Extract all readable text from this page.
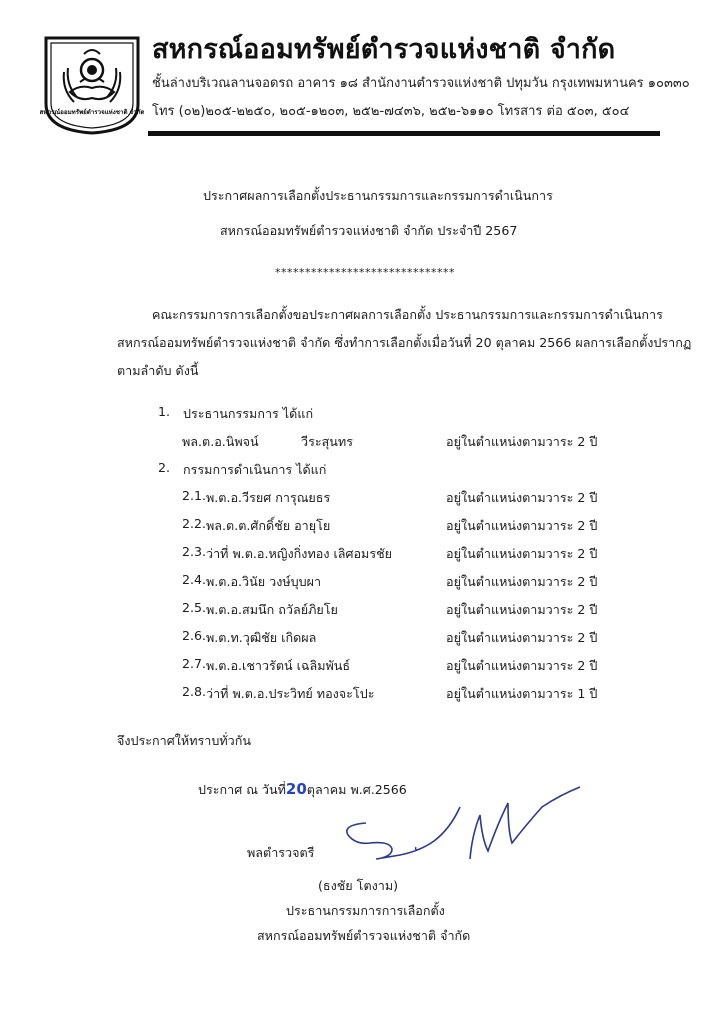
สหกรณ์ออมทรัพย์ตำรวจแห่งชาติ จำกัด
สหกรณ์ออมทรัพย์ตำรวจแห่งชาติ จำกัด
ชั้นล่างบริเวณลานจอดรถ อาคาร ๑๘ สำนักงานตำรวจแห่งชาติ ปทุมวัน กรุงเทพมหานคร ๑๐๓๓๐
โทร (๐๒)๒๐๕-๒๒๕๐, ๒๐๕-๑๒๐๓, ๒๕๒-๗๔๓๖, ๒๕๒-๖๑๑๐ โทรสาร ต่อ ๕๐๓, ๕๐๔
ประกาศผลการเลือกตั้งประธานกรรมการและกรรมการดำเนินการ
สหกรณ์ออมทรัพย์ตำรวจแห่งชาติ จำกัด ประจำปี 2567
******************************
คณะกรรมการการเลือกตั้งขอประกาศผลการเลือกตั้ง ประธานกรรมการและกรรมการดำเนินการ
สหกรณ์ออมทรัพย์ตำรวจแห่งชาติ จำกัด ซึ่งทำการเลือกตั้งเมื่อวันที่ 20 ตุลาคม 2566 ผลการเลือกตั้งปรากฏ
ตามลำดับ ดังนี้
1. ประธานกรรมการ ได้แก่
พล.ต.อ.นิพจน์	วีระสุนทร	อยู่ในตำแหน่งตามวาระ 2 ปี
2. กรรมการดำเนินการ ได้แก่
2.1. พ.ต.อ.วีรยศ การุณยธร	อยู่ในตำแหน่งตามวาระ 2 ปี
2.2. พล.ต.ต.ศักดิ์ชัย อายุโย	อยู่ในตำแหน่งตามวาระ 2 ปี
2.3. ว่าที่ พ.ต.อ.หญิงกิ่งทอง เลิศอมรชัย	อยู่ในตำแหน่งตามวาระ 2 ปี
2.4. พ.ต.อ.วินัย วงษ์บุบผา	อยู่ในตำแหน่งตามวาระ 2 ปี
2.5. พ.ต.อ.สมนึก ถวัลย์ภิยโย	อยู่ในตำแหน่งตามวาระ 2 ปี
2.6. พ.ต.ท.วุฒิชัย เกิดผล	อยู่ในตำแหน่งตามวาระ 2 ปี
2.7. พ.ต.อ.เชาวรัตน์ เฉลิมพันธ์	อยู่ในตำแหน่งตามวาระ 2 ปี
2.8. ว่าที่ พ.ต.อ.ประวิทย์ ทองจะโปะ	อยู่ในตำแหน่งตามวาระ 1 ปี
จึงประกาศให้ทราบทั่วกัน
ประกาศ ณ วันที่20ตุลาคม พ.ศ.2566
พลตำรวจตรี
(ธงชัย โตงาม)
ประธานกรรมการการเลือกตั้ง
สหกรณ์ออมทรัพย์ตำรวจแห่งชาติ จำกัด
